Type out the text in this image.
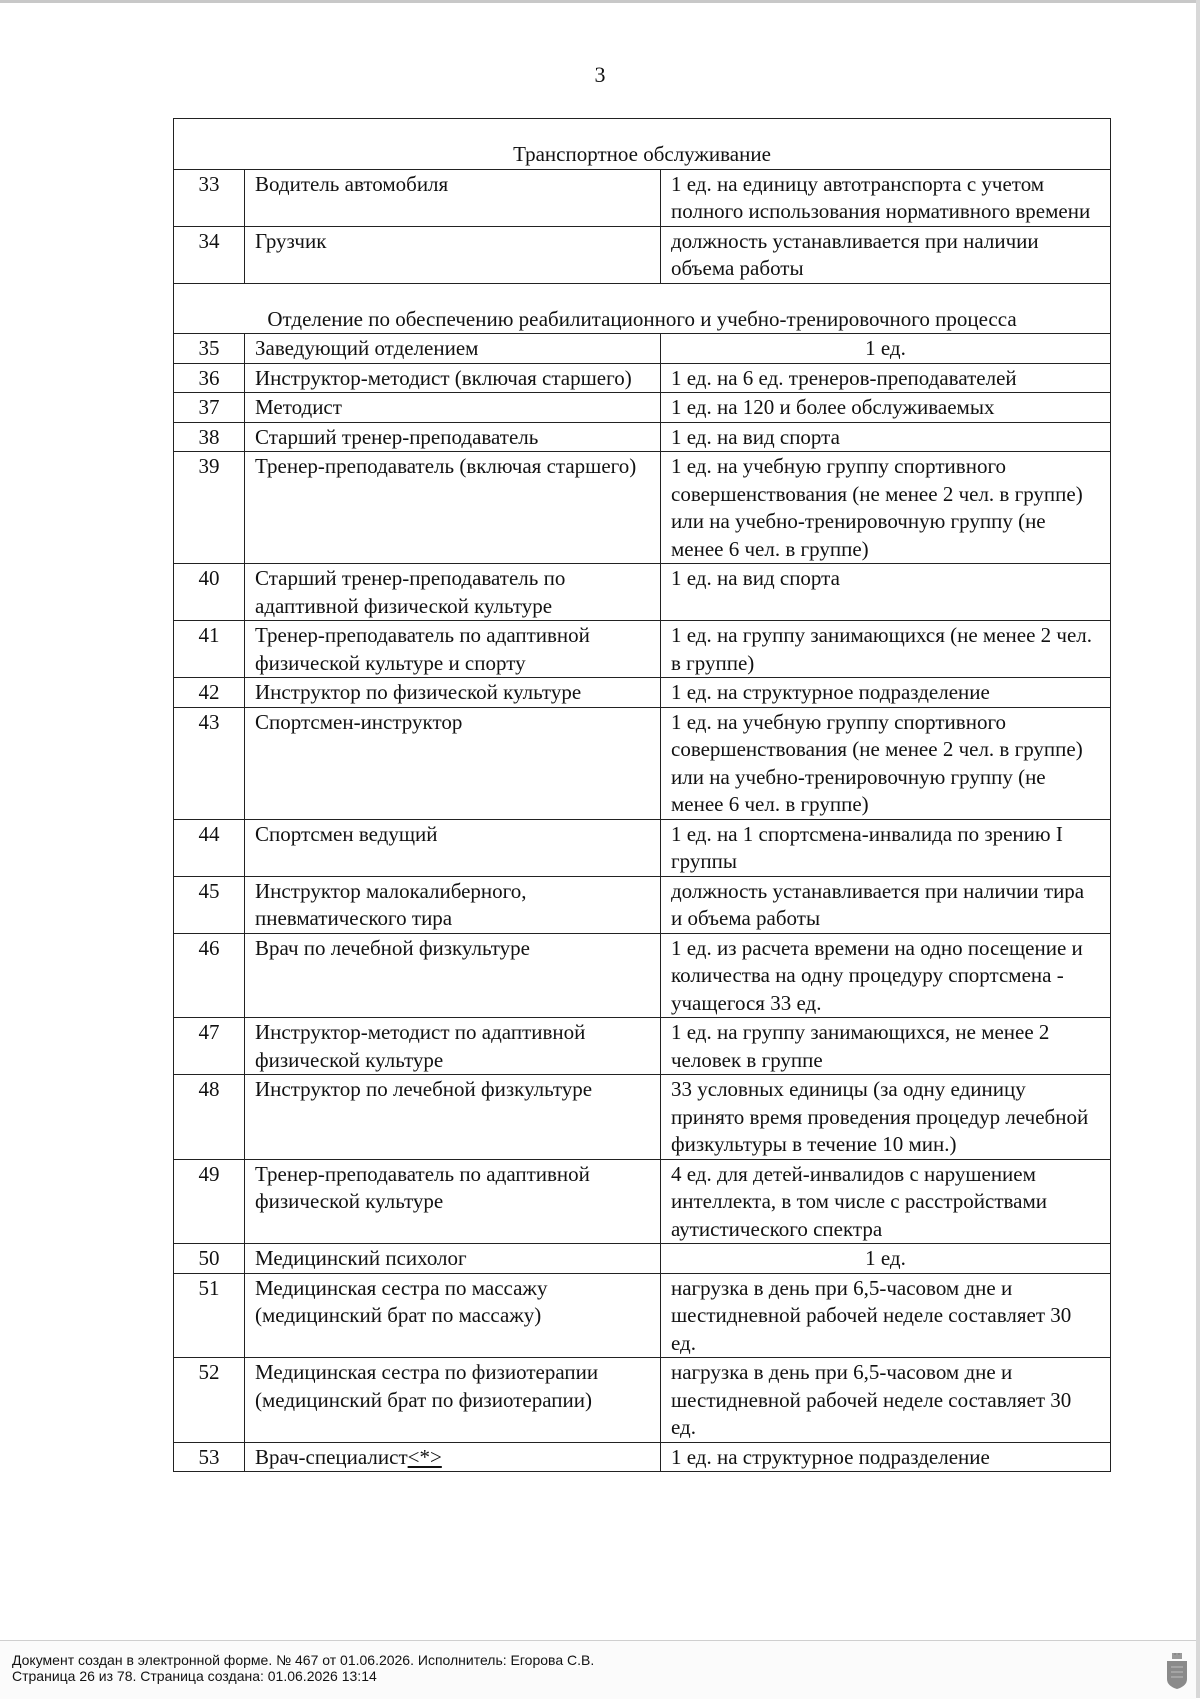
3
Транспортное обслуживание		
33	Водитель автомобиля	1 ед. на единицу автотранспорта с учетом полного использования нормативного времени
34	Грузчик	должность устанавливается при наличии объема работы
Отделение по обеспечению реабилитационного и учебно-тренировочного процесса		
35	Заведующий отделением	1 ед.
36	Инструктор-методист (включая старшего)	1 ед. на 6 ед. тренеров-преподавателей
37	Методист	1 ед. на 120 и более обслуживаемых
38	Старший тренер-преподаватель	1 ед. на вид спорта
39	Тренер-преподаватель (включая старшего)	1 ед. на учебную группу спортивного совершенствования (не менее 2 чел. в группе) или на учебно-тренировочную группу (не менее 6 чел. в группе)
40	Старший тренер-преподаватель по адаптивной физической культуре	1 ед. на вид спорта
41	Тренер-преподаватель по адаптивной физической культуре и спорту	1 ед. на группу занимающихся (не менее 2 чел. в группе)
42	Инструктор по физической культуре	1 ед. на структурное подразделение
43	Спортсмен-инструктор	1 ед. на учебную группу спортивного совершенствования (не менее 2 чел. в группе) или на учебно-тренировочную группу (не менее 6 чел. в группе)
44	Спортсмен ведущий	1 ед. на 1 спортсмена-инвалида по зрению I группы
45	Инструктор малокалиберного, пневматического тира	должность устанавливается при наличии тира и объема работы
46	Врач по лечебной физкультуре	1 ед. из расчета времени на одно посещение и количества на одну процедуру спортсмена - учащегося 33 ед.
47	Инструктор-методист по адаптивной физической культуре	1 ед. на группу занимающихся, не менее 2 человек в группе
48	Инструктор по лечебной физкультуре	33 условных единицы (за одну единицу принято время проведения процедур лечебной физкультуры в течение 10 мин.)
49	Тренер-преподаватель по адаптивной физической культуре	4 ед. для детей-инвалидов с нарушением интеллекта, в том числе с расстройствами аутистического спектра
50	Медицинский психолог	1 ед.
51	Медицинская сестра по массажу (медицинский брат по массажу)	нагрузка в день при 6,5-часовом дне и шестидневной рабочей неделе составляет 30 ед.
52	Медицинская сестра по физиотерапии (медицинский брат по физиотерапии)	нагрузка в день при 6,5-часовом дне и шестидневной рабочей неделе составляет 30 ед.
53	Врач-специалист<*>	1 ед. на структурное подразделение
Документ создан в электронной форме. № 467 от 01.06.2026. Исполнитель: Егорова С.В.
Страница 26 из 78. Страница создана: 01.06.2026 13:14
